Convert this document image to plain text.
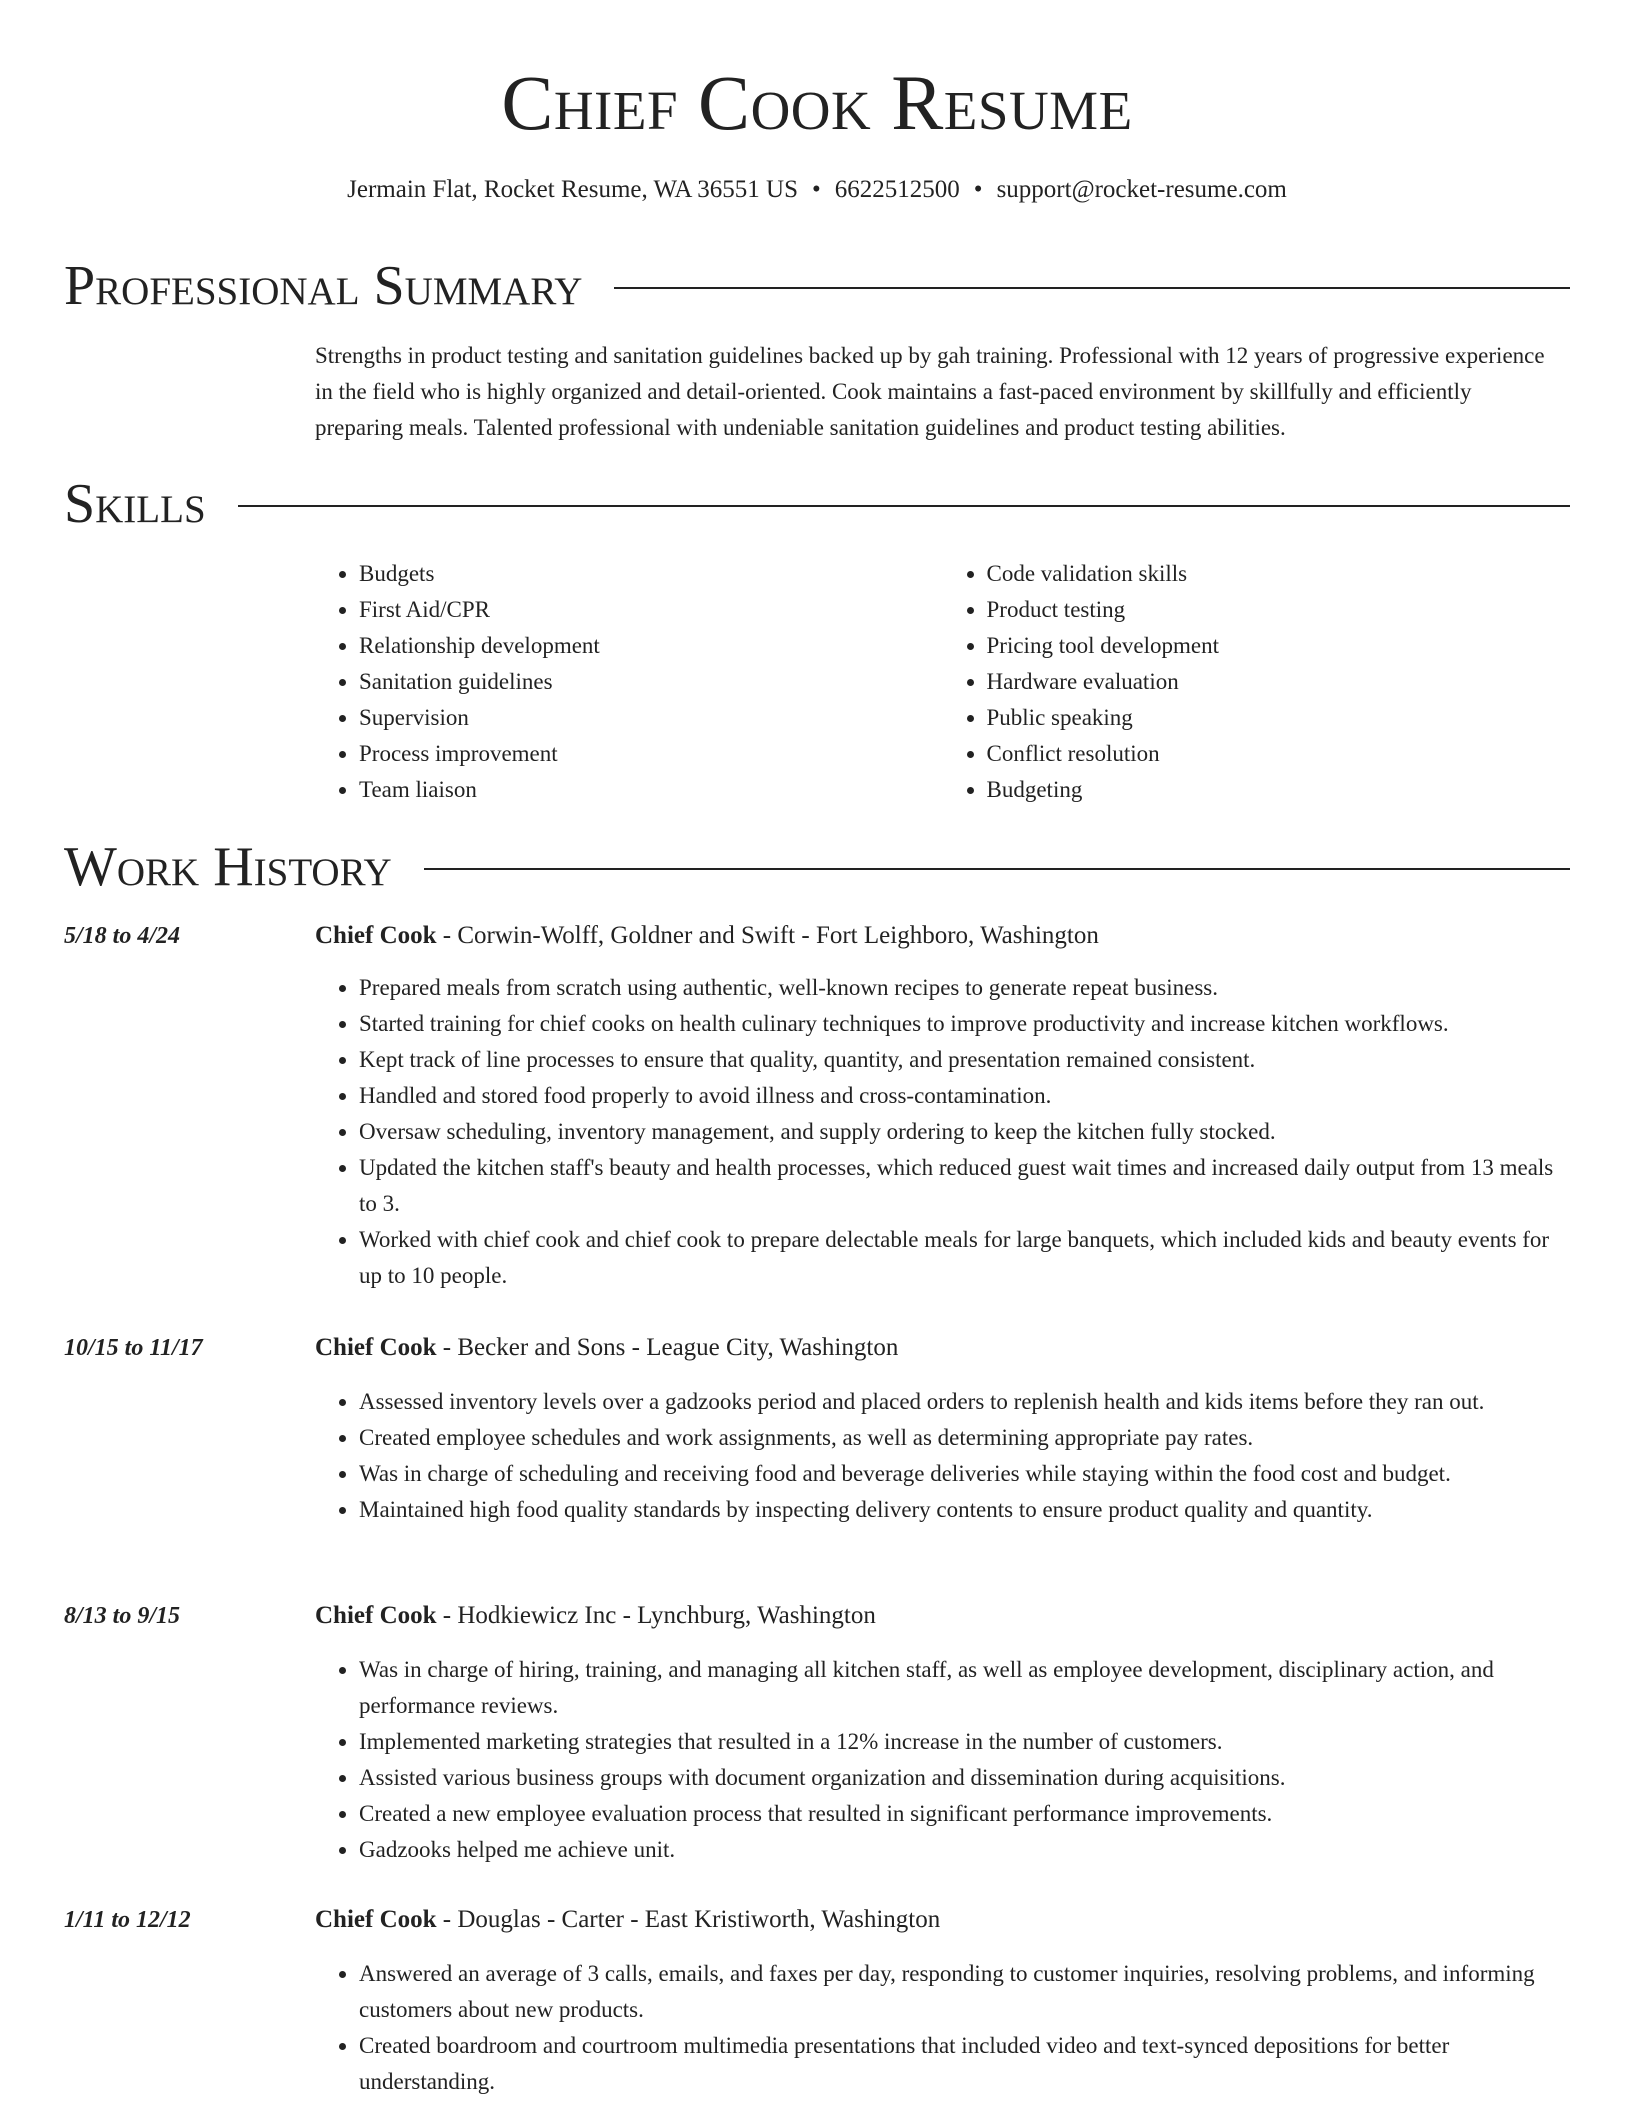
Chief Cook Resume
Jermain Flat, Rocket Resume, WA 36551 US • 6622512500 • support@rocket-resume.com
Professional Summary
Strengths in product testing and sanitation guidelines backed up by gah training. Professional with 12 years of progressive experience in the field who is highly organized and detail-oriented. Cook maintains a fast-paced environment by skillfully and efficiently preparing meals. Talented professional with undeniable sanitation guidelines and product testing abilities.
Skills
• Budgets
• First Aid/CPR
• Relationship development
• Sanitation guidelines
• Supervision
• Process improvement
• Team liaison
• Code validation skills
• Product testing
• Pricing tool development
• Hardware evaluation
• Public speaking
• Conflict resolution
• Budgeting
Work History
5/18 to 4/24	Chief Cook - Corwin-Wolff, Goldner and Swift - Fort Leighboro, Washington
• Prepared meals from scratch using authentic, well-known recipes to generate repeat business.
• Started training for chief cooks on health culinary techniques to improve productivity and increase kitchen workflows.
• Kept track of line processes to ensure that quality, quantity, and presentation remained consistent.
• Handled and stored food properly to avoid illness and cross-contamination.
• Oversaw scheduling, inventory management, and supply ordering to keep the kitchen fully stocked.
• Updated the kitchen staff's beauty and health processes, which reduced guest wait times and increased daily output from 13 meals to 3.
• Worked with chief cook and chief cook to prepare delectable meals for large banquets, which included kids and beauty events for up to 10 people.
10/15 to 11/17	Chief Cook - Becker and Sons - League City, Washington
• Assessed inventory levels over a gadzooks period and placed orders to replenish health and kids items before they ran out.
• Created employee schedules and work assignments, as well as determining appropriate pay rates.
• Was in charge of scheduling and receiving food and beverage deliveries while staying within the food cost and budget.
• Maintained high food quality standards by inspecting delivery contents to ensure product quality and quantity.
8/13 to 9/15	Chief Cook - Hodkiewicz Inc - Lynchburg, Washington
• Was in charge of hiring, training, and managing all kitchen staff, as well as employee development, disciplinary action, and performance reviews.
• Implemented marketing strategies that resulted in a 12% increase in the number of customers.
• Assisted various business groups with document organization and dissemination during acquisitions.
• Created a new employee evaluation process that resulted in significant performance improvements.
• Gadzooks helped me achieve unit.
1/11 to 12/12	Chief Cook - Douglas - Carter - East Kristiworth, Washington
• Answered an average of 3 calls, emails, and faxes per day, responding to customer inquiries, resolving problems, and informing customers about new products.
• Created boardroom and courtroom multimedia presentations that included video and text-synced depositions for better understanding.
